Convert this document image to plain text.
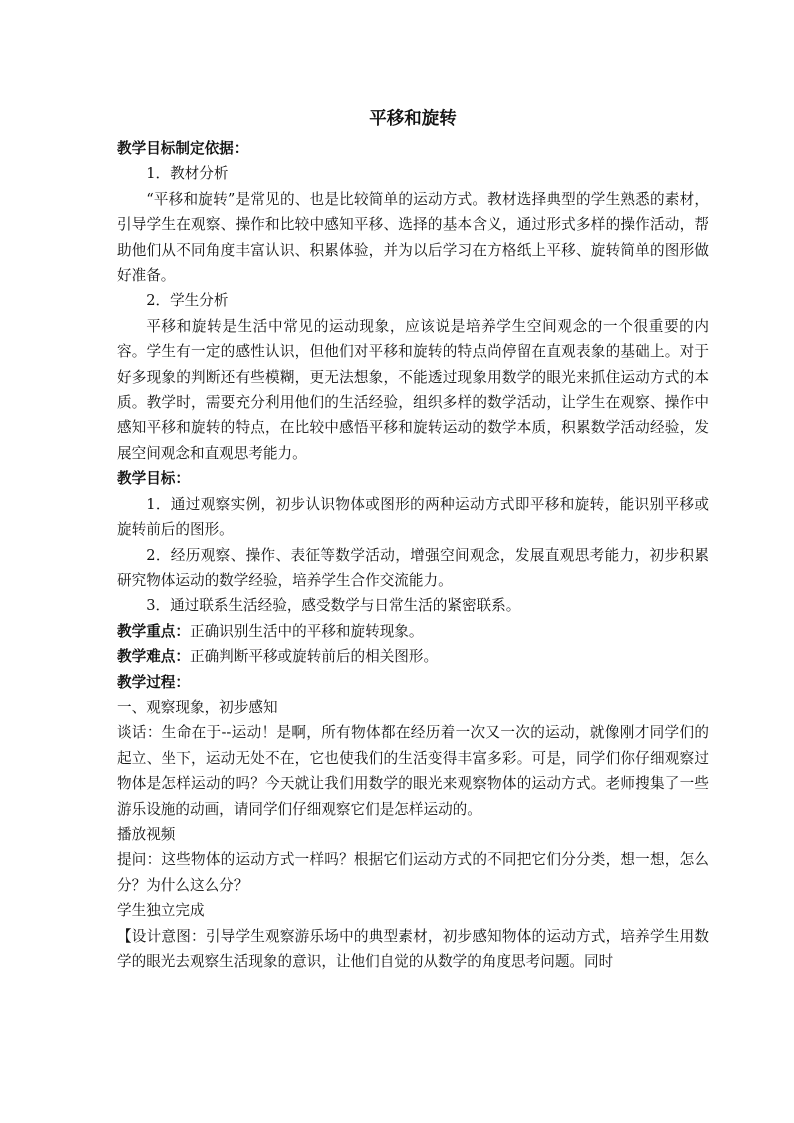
平移和旋转

教学目标制定依据：

1．教材分析

“平移和旋转”是常见的、也是比较简单的运动方式。教材选择典型的学生熟悉的素材，引导学生在观察、操作和比较中感知平移、选择的基本含义，通过形式多样的操作活动，帮助他们从不同角度丰富认识、积累体验，并为以后学习在方格纸上平移、旋转简单的图形做好准备。

2．学生分析

平移和旋转是生活中常见的运动现象，应该说是培养学生空间观念的一个很重要的内容。学生有一定的感性认识，但他们对平移和旋转的特点尚停留在直观表象的基础上。对于好多现象的判断还有些模糊，更无法想象，不能透过现象用数学的眼光来抓住运动方式的本质。教学时，需要充分利用他们的生活经验，组织多样的数学活动，让学生在观察、操作中感知平移和旋转的特点，在比较中感悟平移和旋转运动的数学本质，积累数学活动经验，发展空间观念和直观思考能力。

教学目标：

1．通过观察实例，初步认识物体或图形的两种运动方式即平移和旋转，能识别平移或旋转前后的图形。

2．经历观察、操作、表征等数学活动，增强空间观念，发展直观思考能力，初步积累研究物体运动的数学经验，培养学生合作交流能力。

3．通过联系生活经验，感受数学与日常生活的紧密联系。

教学重点：正确识别生活中的平移和旋转现象。

教学难点：正确判断平移或旋转前后的相关图形。

教学过程：

一、观察现象，初步感知

谈话：生命在于--运动！是啊，所有物体都在经历着一次又一次的运动，就像刚才同学们的起立、坐下，运动无处不在，它也使我们的生活变得丰富多彩。可是，同学们你仔细观察过物体是怎样运动的吗？今天就让我们用数学的眼光来观察物体的运动方式。老师搜集了一些游乐设施的动画，请同学们仔细观察它们是怎样运动的。

播放视频

提问：这些物体的运动方式一样吗？根据它们运动方式的不同把它们分分类，想一想，怎么分？为什么这么分？

学生独立完成

【设计意图：引导学生观察游乐场中的典型素材，初步感知物体的运动方式，培养学生用数学的眼光去观察生活现象的意识，让他们自觉的从数学的角度思考问题。同时
